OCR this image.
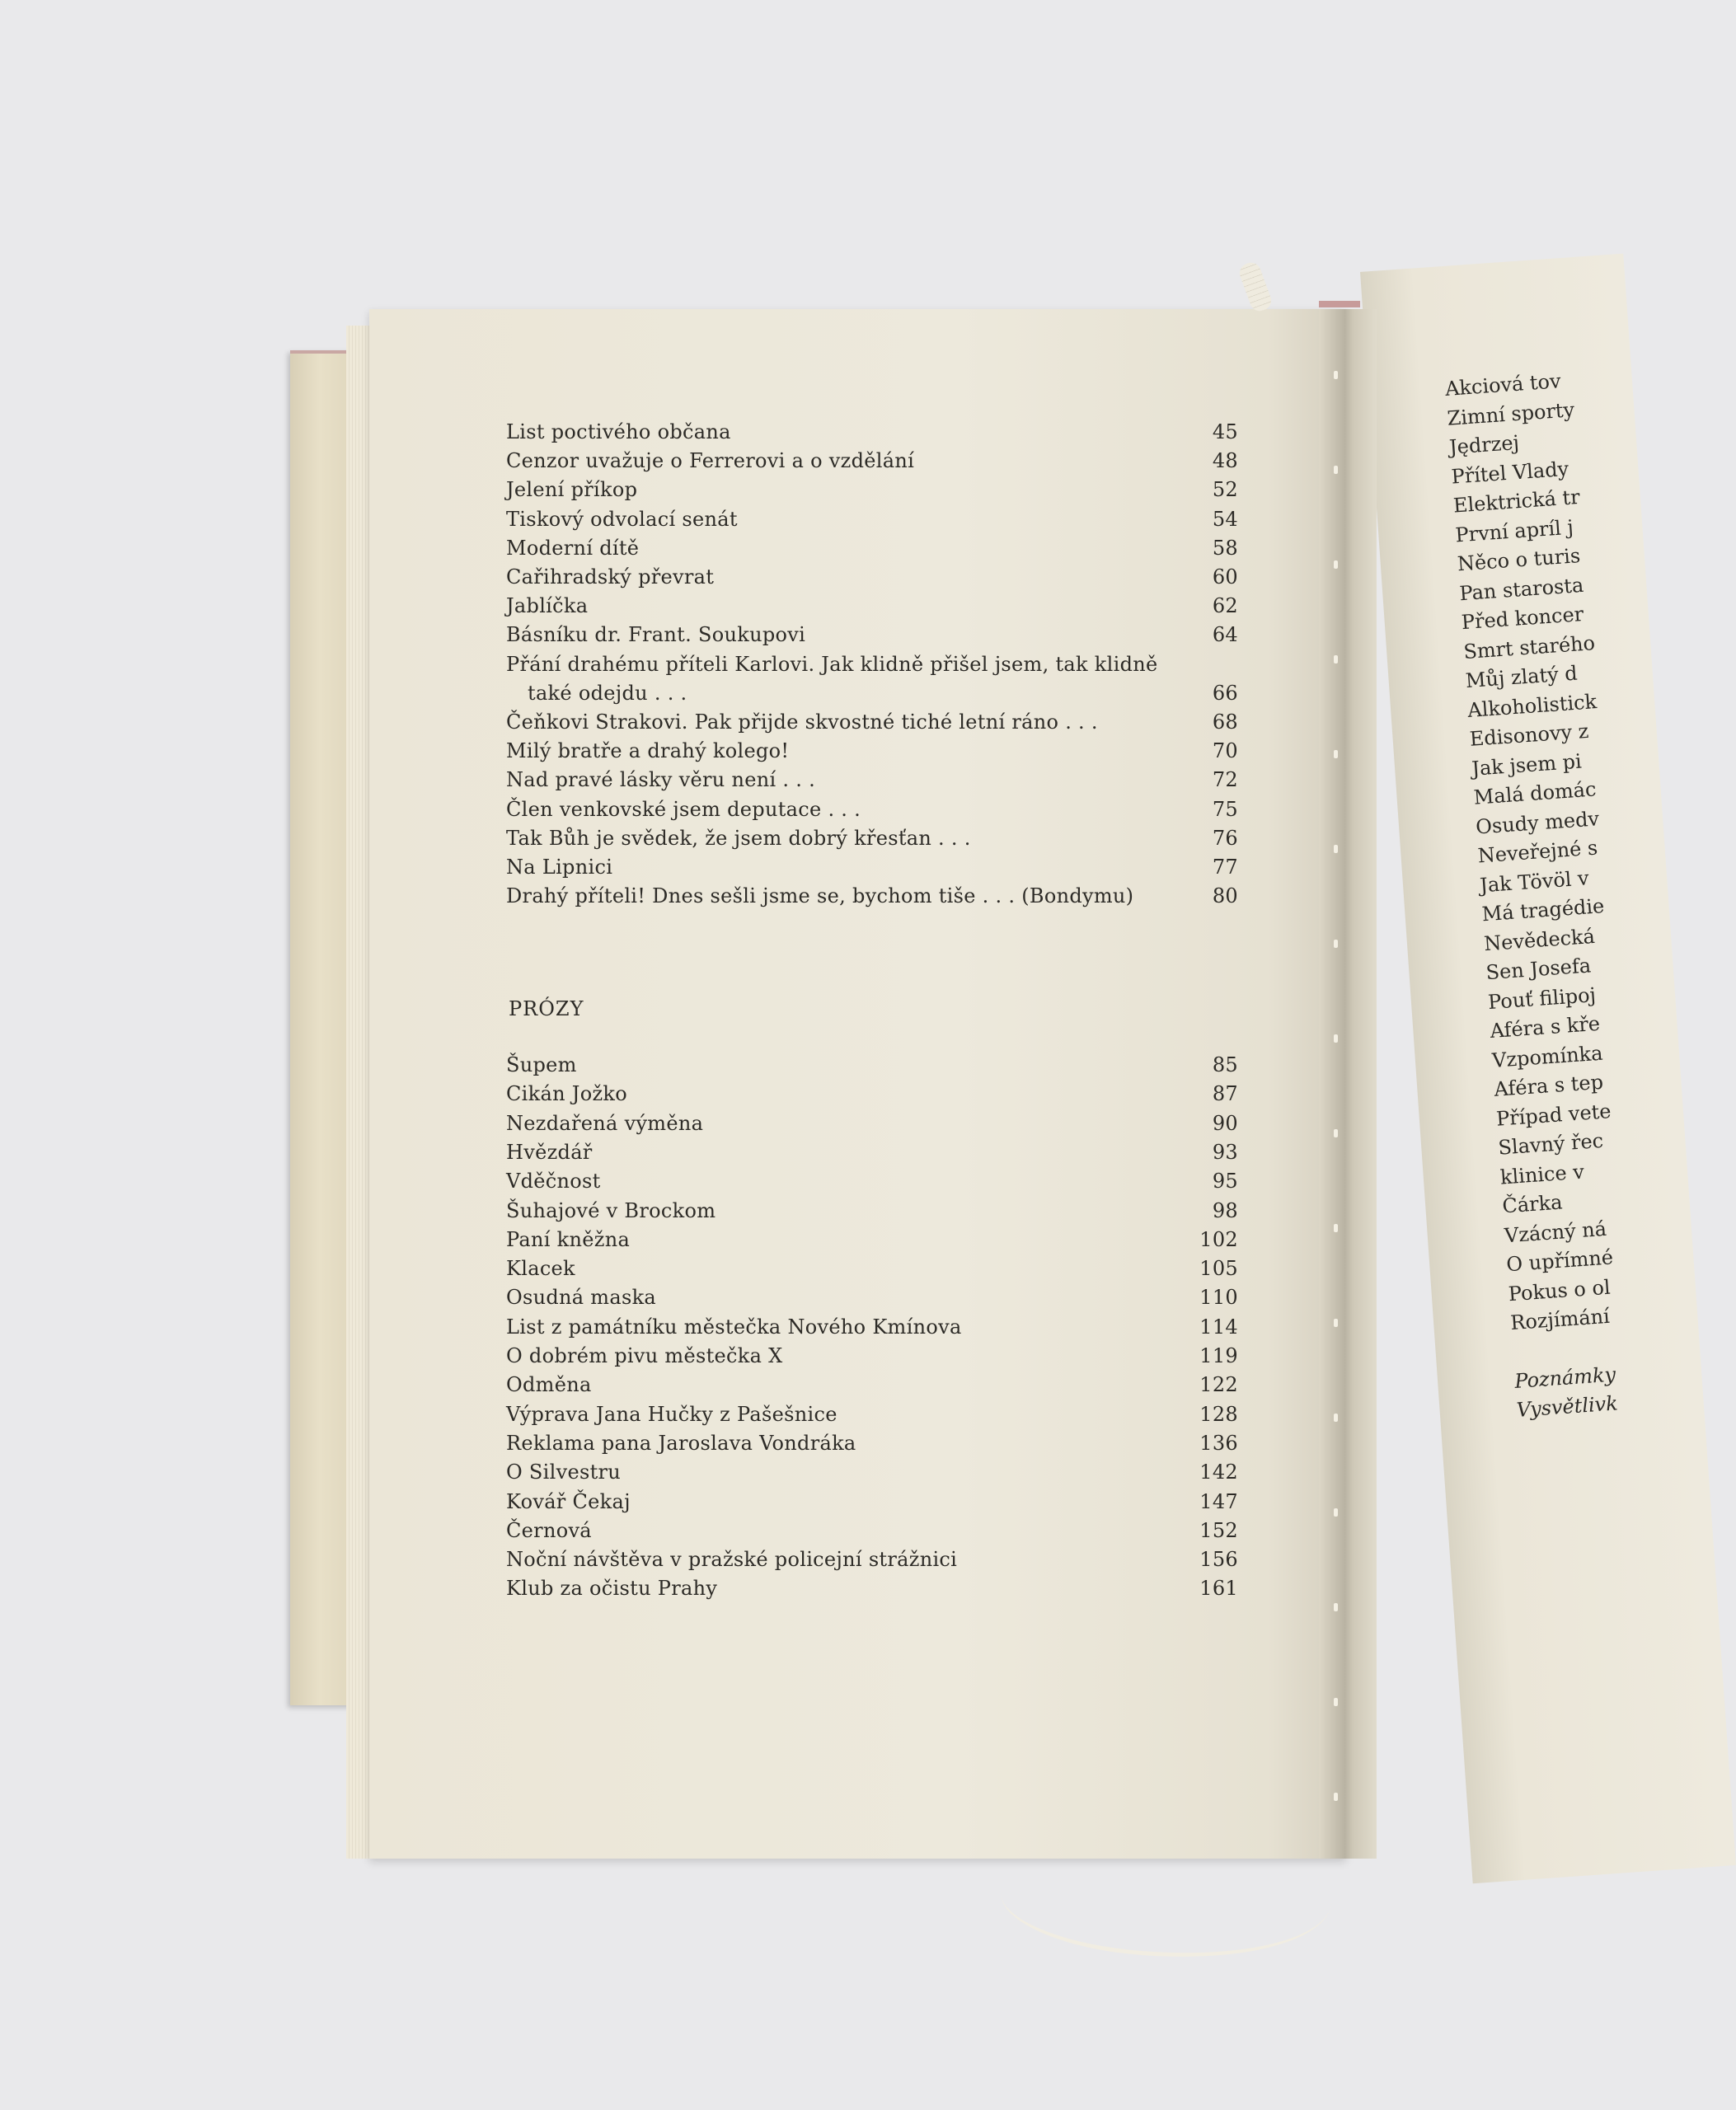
List poctivého občana	45
Cenzor uvažuje o Ferrerovi a o vzdělání	48
Jelení příkop	52
Tiskový odvolací senát	54
Moderní dítě	58
Cařihradský převrat	60
Jablíčka	62
Básníku dr. Frant. Soukupovi	64
Přání drahému příteli Karlovi. Jak klidně přišel jsem, tak klidně
také odejdu . . .	66
Čeňkovi Strakovi. Pak přijde skvostné tiché letní ráno . . .	68
Milý bratře a drahý kolego!	70
Nad pravé lásky věru není . . .	72
Člen venkovské jsem deputace . . .	75
Tak Bůh je svědek, že jsem dobrý křesťan . . .	76
Na Lipnici	77
Drahý příteli! Dnes sešli jsme se, bychom tiše . . . (Bondymu)	80
Šupem	85
Cikán Jožko	87
Nezdařená výměna	90
Hvězdář	93
Vděčnost	95
Šuhajové v Brockom	98
Paní kněžna	102
Klacek	105
Osudná maska	110
List z památníku městečka Nového Kmínova	114
O dobrém pivu městečka X	119
Odměna	122
Výprava Jana Hučky z Pašešnice	128
Reklama pana Jaroslava Vondráka	136
O Silvestru	142
Kovář Čekaj	147
Černová	152
Noční návštěva v pražské policejní strážnici	156
Klub za očistu Prahy	161
PRÓZY
Akciová tov
Zimní sporty
Jędrzej
Přítel Vlady
Elektrická tr
První apríl j
Něco o turis
Pan starosta
Před koncer
Smrt starého
Můj zlatý d
Alkoholistick
Edisonovy z
Jak jsem pi
Malá domác
Osudy medv
Neveřejné s
Jak Tövöl v
Má tragédie
Nevědecká
Sen Josefa
Pouť filipoj
Aféra s kře
Vzpomínka
Aféra s tep
Případ vete
Slavný řec
klinice v
Čárka
Vzácný ná
O upřímné
Pokus o ol
Rozjímání
Poznámky
Vysvětlivk
